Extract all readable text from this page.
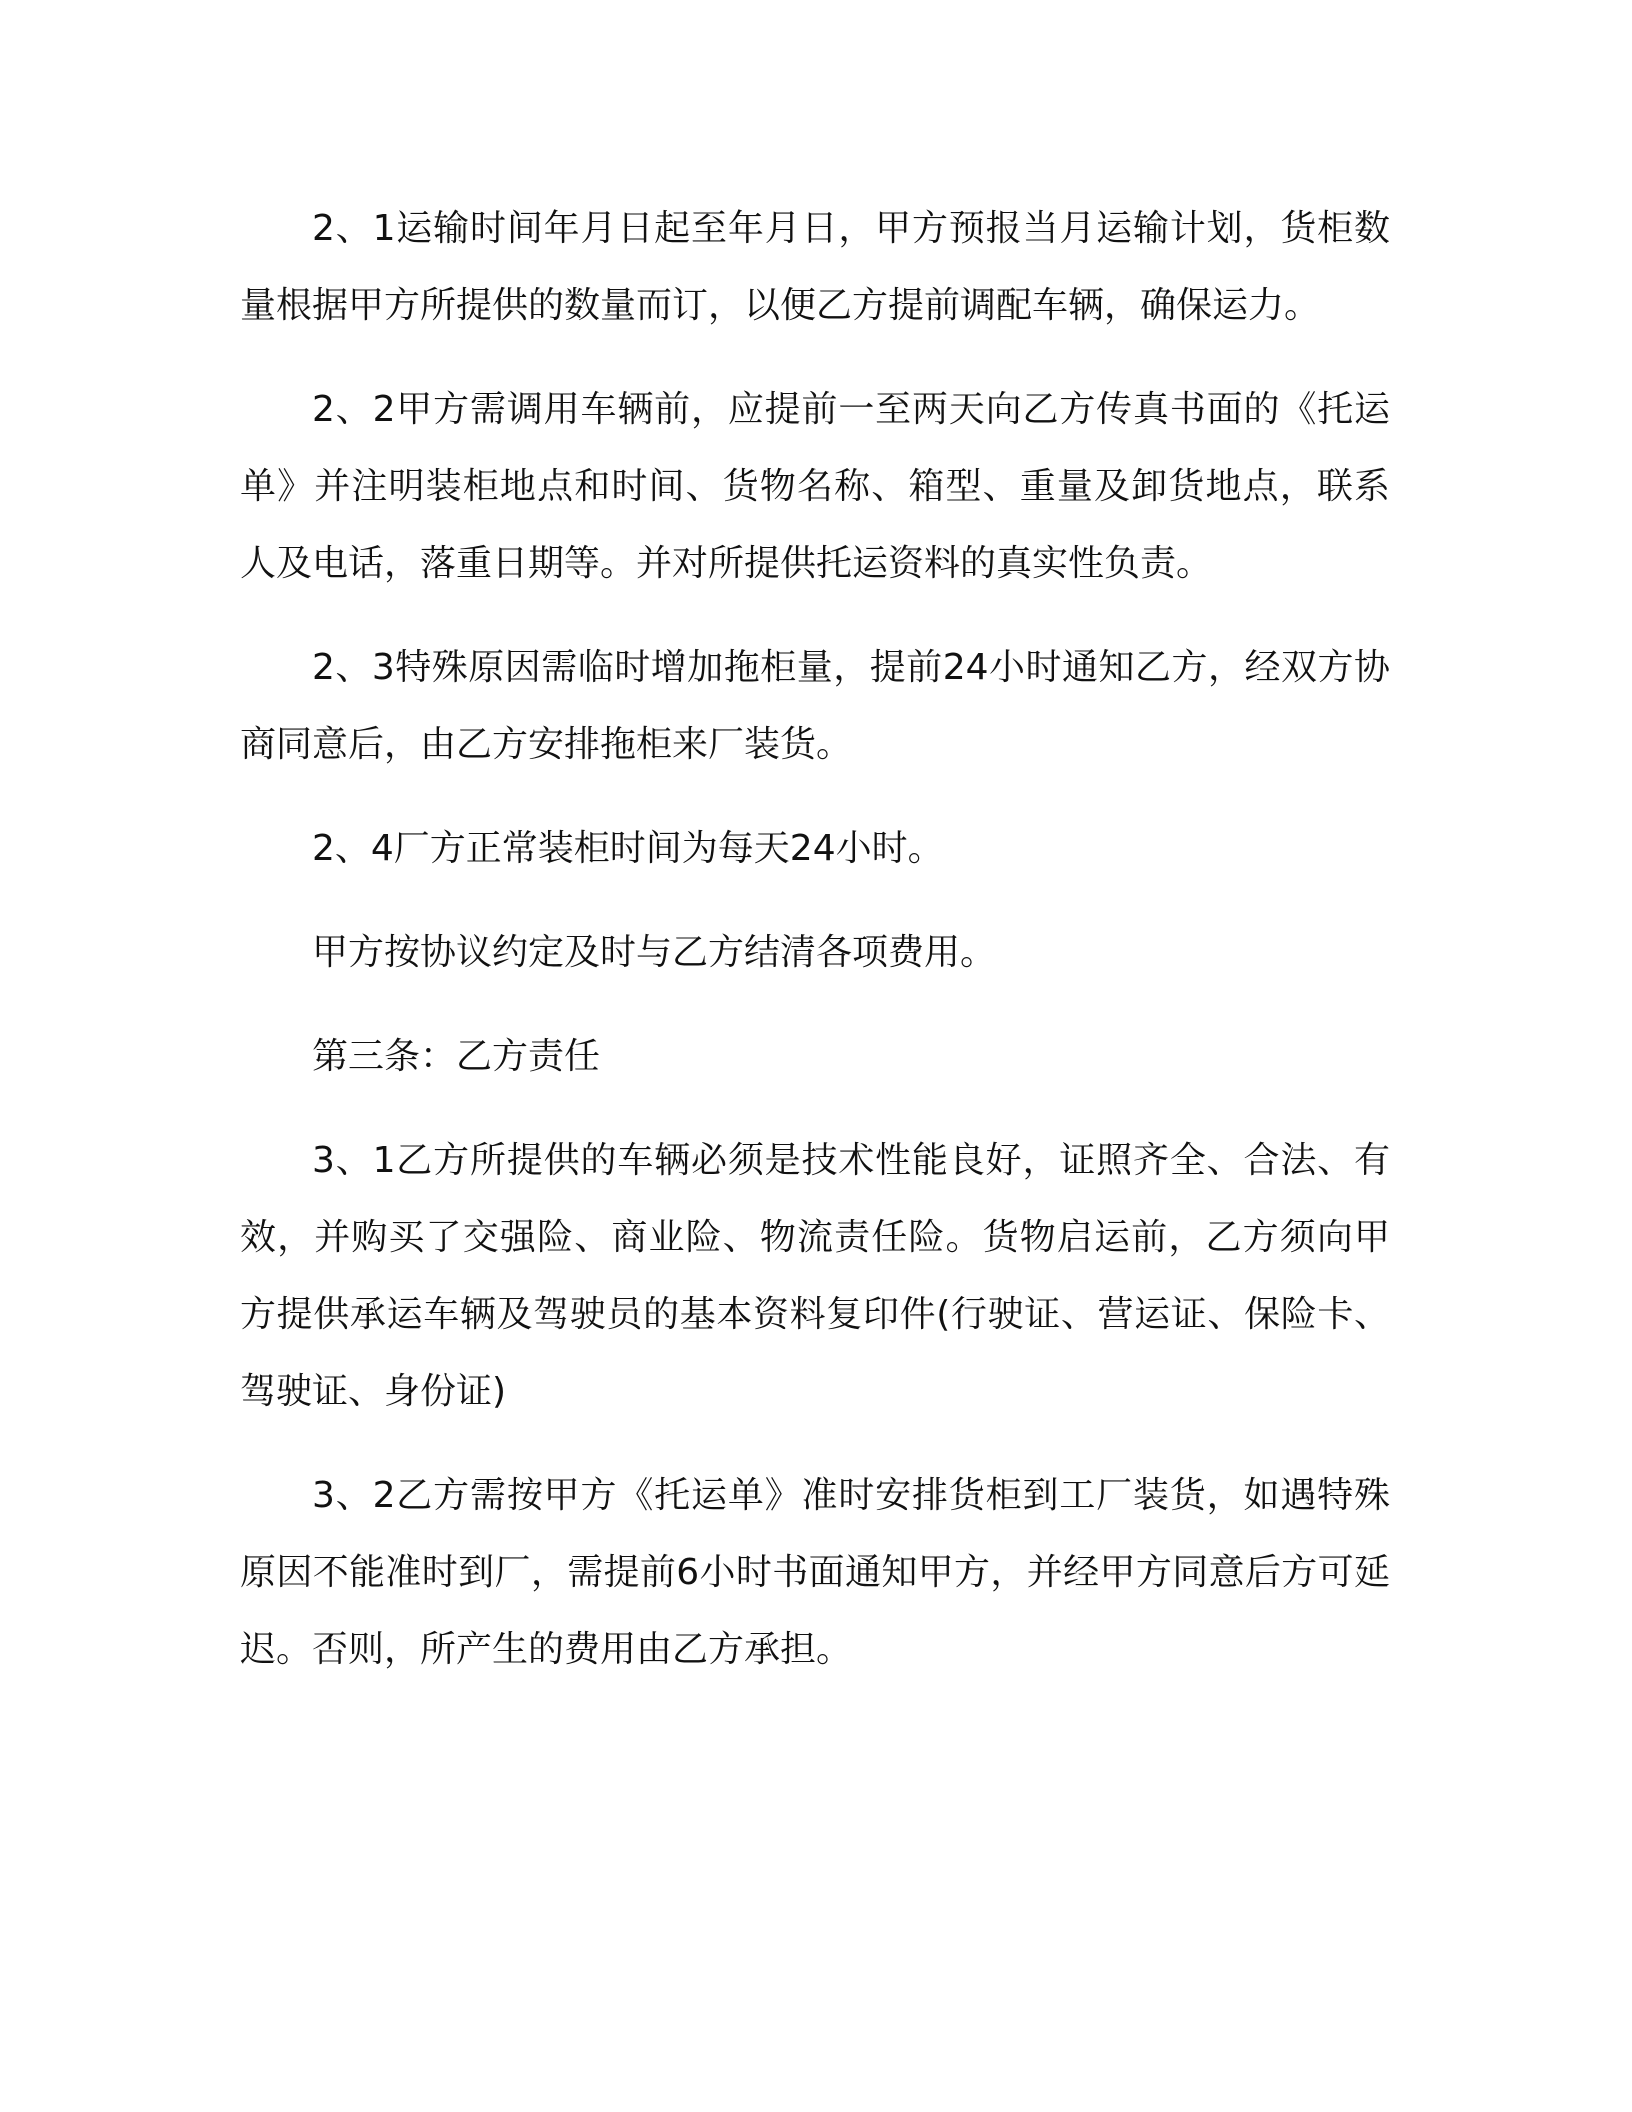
2、1运输时间年月日起至年月日，甲方预报当月运输计划，货柜数量根据甲方所提供的数量而订，以便乙方提前调配车辆，确保运力。

2、2甲方需调用车辆前，应提前一至两天向乙方传真书面的《托运单》并注明装柜地点和时间、货物名称、箱型、重量及卸货地点，联系人及电话，落重日期等。并对所提供托运资料的真实性负责。

2、3特殊原因需临时增加拖柜量，提前24小时通知乙方，经双方协商同意后，由乙方安排拖柜来厂装货。

2、4厂方正常装柜时间为每天24小时。

甲方按协议约定及时与乙方结清各项费用。

第三条：乙方责任

3、1乙方所提供的车辆必须是技术性能良好，证照齐全、合法、有效，并购买了交强险、商业险、物流责任险。货物启运前，乙方须向甲方提供承运车辆及驾驶员的基本资料复印件(行驶证、营运证、保险卡、驾驶证、身份证)

3、2乙方需按甲方《托运单》准时安排货柜到工厂装货，如遇特殊原因不能准时到厂，需提前6小时书面通知甲方，并经甲方同意后方可延迟。否则，所产生的费用由乙方承担。
